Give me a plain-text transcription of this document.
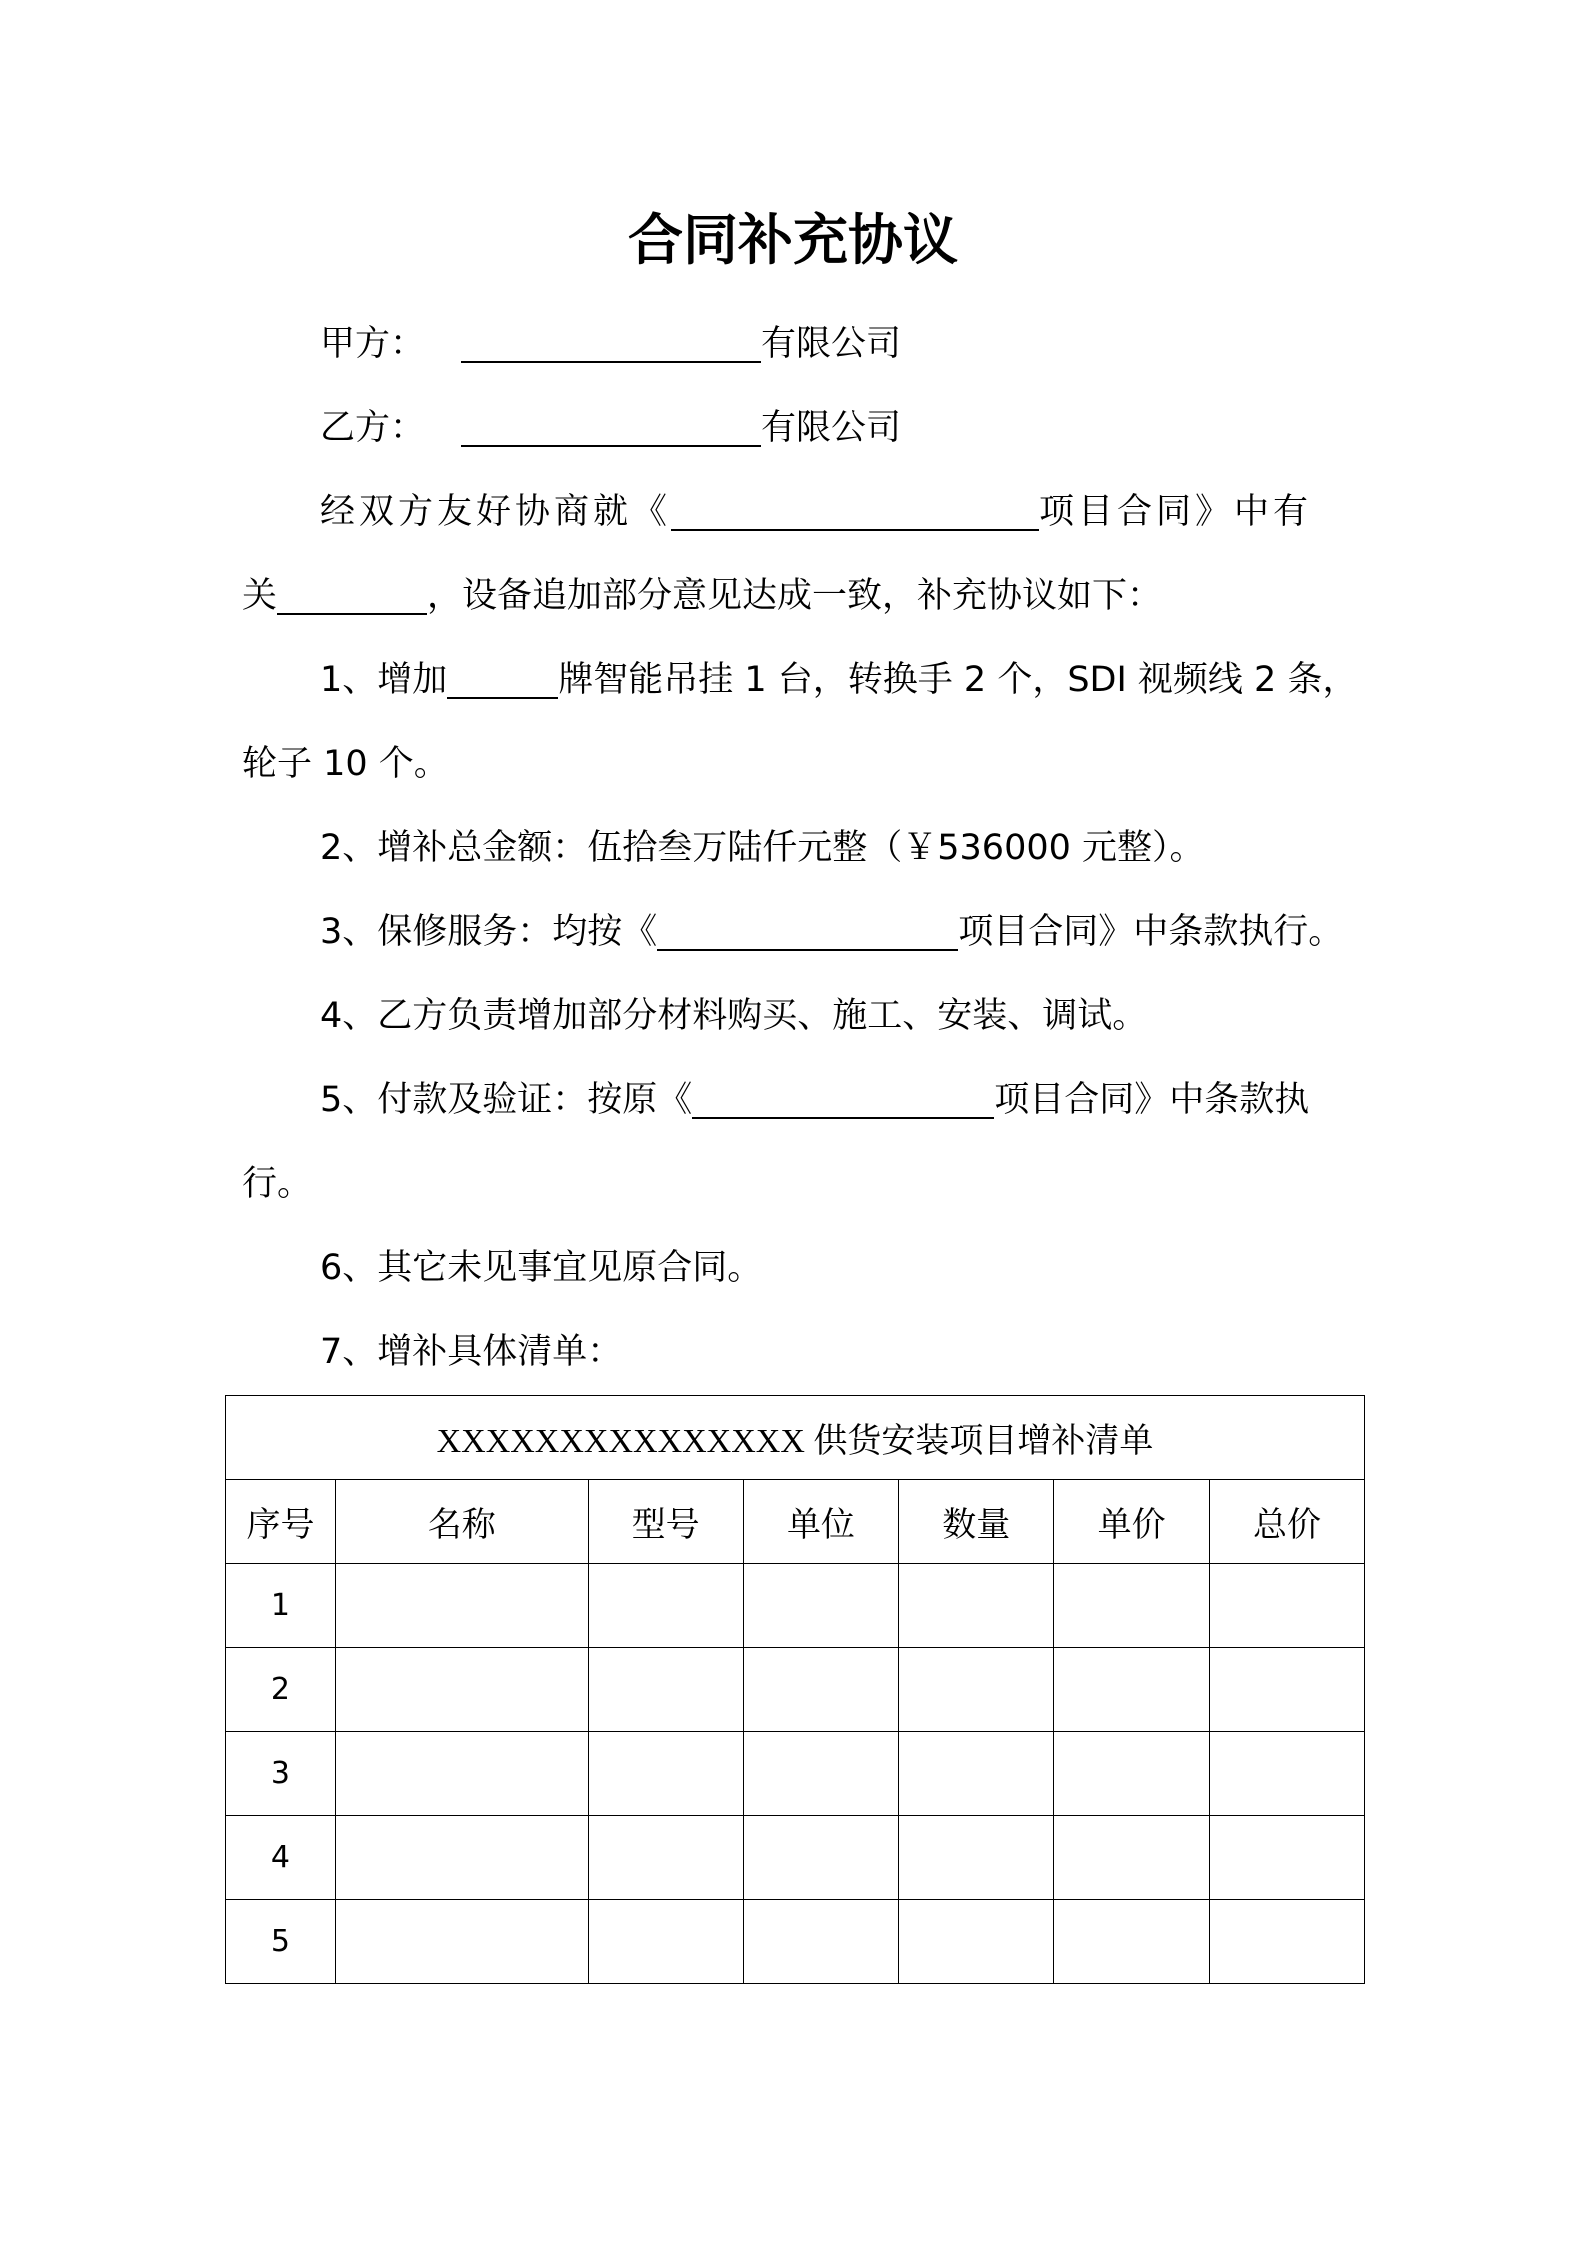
合同补充协议
甲方：	有限公司
乙方：	有限公司
经双方友好协商就《	项目合同》中有
关	，设备追加部分意见达成一致，补充协议如下：
1、增加	牌智能吊挂 1 台，转换手 2 个，SDI 视频线 2 条，
轮子 10 个。
2、增补总金额：伍拾叁万陆仟元整（￥536000 元整）。
3、保修服务：均按《	项目合同》中条款执行。
4、乙方负责增加部分材料购买、施工、安装、调试。
5、付款及验证：按原《	项目合同》中条款执
行。
6、其它未见事宜见原合同。
7、增补具体清单：
XXXXXXXXXXXXXXX 供货安装项目增补清单						
序号	名称	型号	单位	数量	单价	总价
1						
2						
3						
4						
5						
